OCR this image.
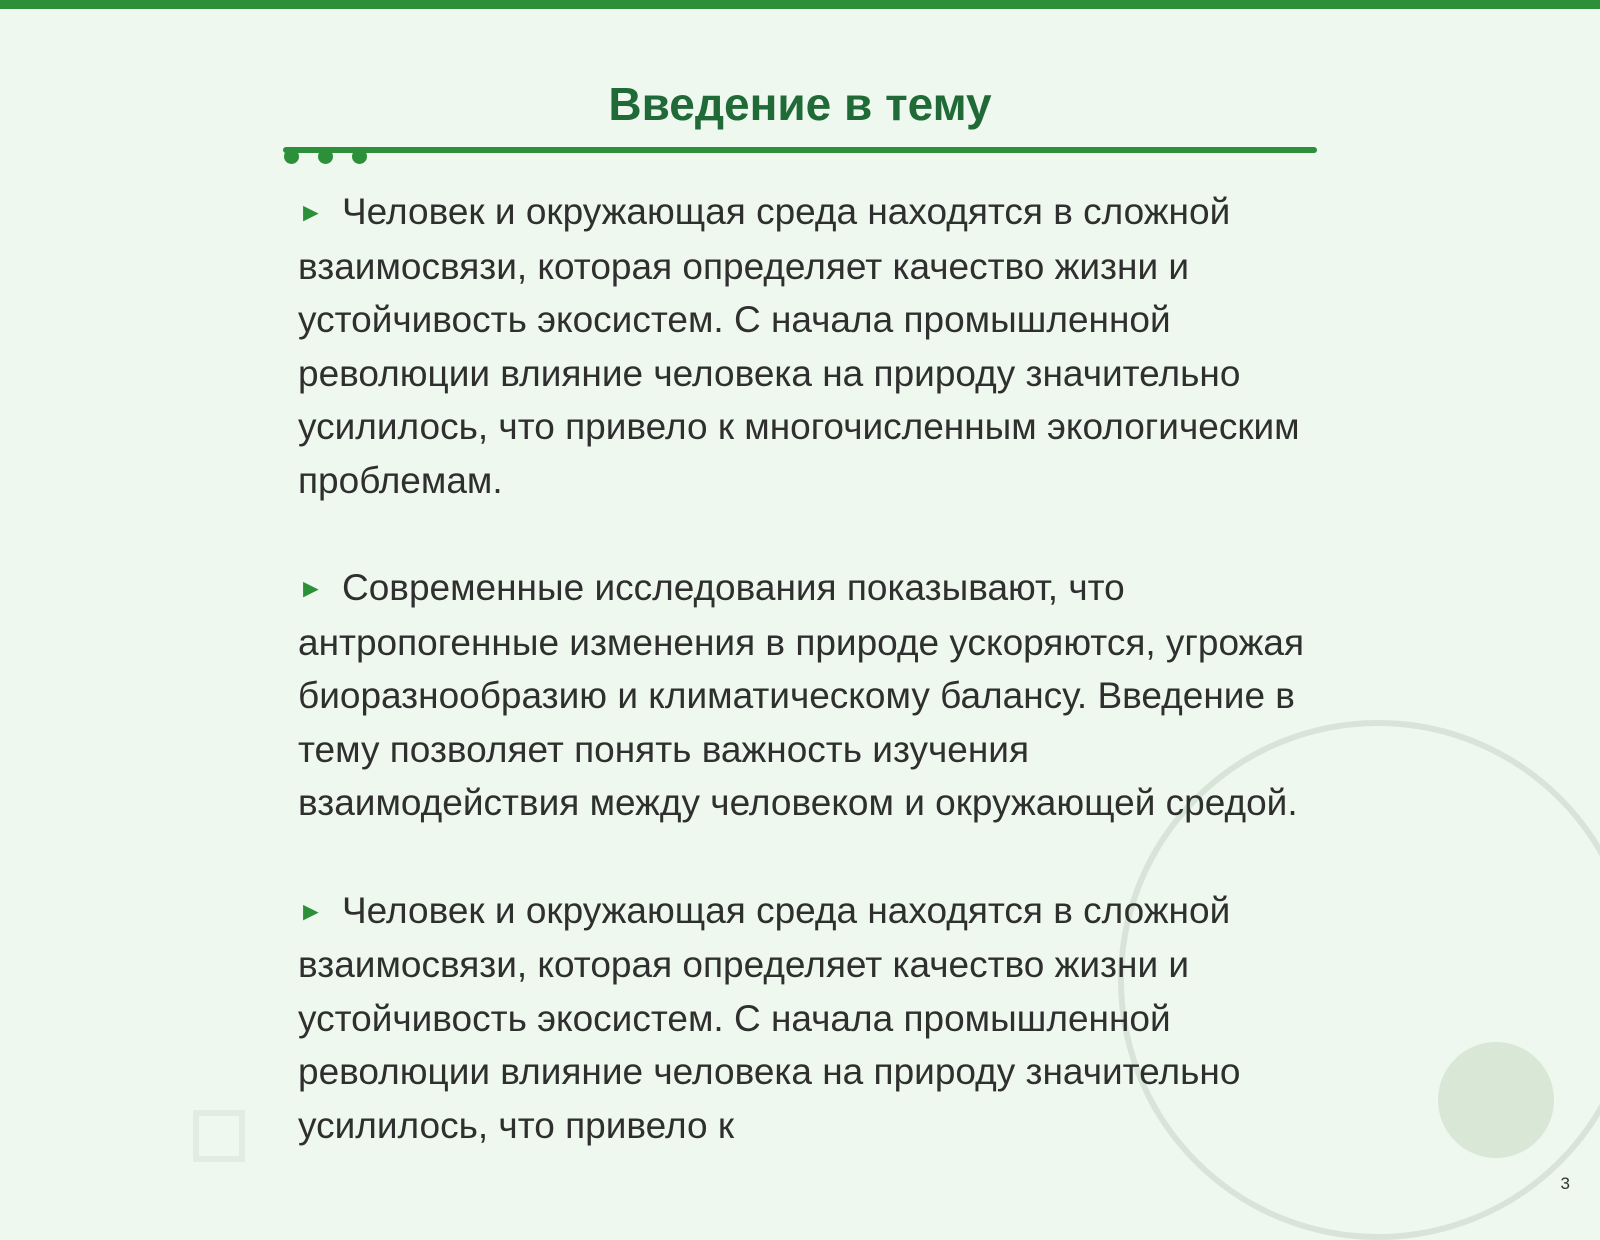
Введение в тему

► Человек и окружающая среда находятся в сложной взаимосвязи, которая определяет качество жизни и устойчивость экосистем. С начала промышленной революции влияние человека на природу значительно усилилось, что привело к многочисленным экологическим проблемам.

► Современные исследования показывают, что антропогенные изменения в природе ускоряются, угрожая биоразнообразию и климатическому балансу. Введение в тему позволяет понять важность изучения взаимодействия между человеком и окружающей средой.

► Человек и окружающая среда находятся в сложной взаимосвязи, которая определяет качество жизни и устойчивость экосистем. С начала промышленной революции влияние человека на природу значительно усилилось, что привело к

3
